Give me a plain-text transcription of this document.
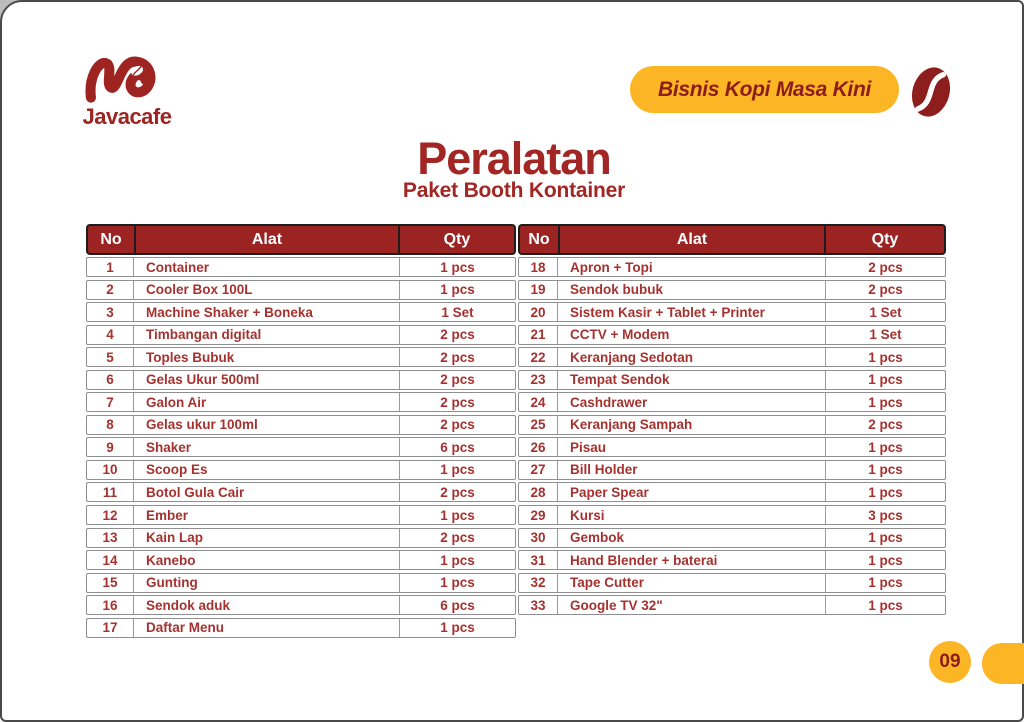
Javacafe
Bisnis Kopi Masa Kini
Peralatan
Paket Booth Kontainer
No	Alat	Qty
1	Container	1 pcs
2	Cooler Box 100L	1 pcs
3	Machine Shaker + Boneka	1 Set
4	Timbangan digital	2 pcs
5	Toples Bubuk	2 pcs
6	Gelas Ukur 500ml	2 pcs
7	Galon Air	2 pcs
8	Gelas ukur 100ml	2 pcs
9	Shaker	6 pcs
10	Scoop Es	1 pcs
11	Botol Gula Cair	2 pcs
12	Ember	1 pcs
13	Kain Lap	2 pcs
14	Kanebo	1 pcs
15	Gunting	1 pcs
16	Sendok aduk	6 pcs
17	Daftar Menu	1 pcs
No	Alat	Qty
18	Apron + Topi	2 pcs
19	Sendok bubuk	2 pcs
20	Sistem Kasir + Tablet + Printer	1 Set
21	CCTV + Modem	1 Set
22	Keranjang Sedotan	1 pcs
23	Tempat Sendok	1 pcs
24	Cashdrawer	1 pcs
25	Keranjang Sampah	2 pcs
26	Pisau	1 pcs
27	Bill Holder	1 pcs
28	Paper Spear	1 pcs
29	Kursi	3 pcs
30	Gembok	1 pcs
31	Hand Blender + baterai	1 pcs
32	Tape Cutter	1 pcs
33	Google TV 32"	1 pcs
09
